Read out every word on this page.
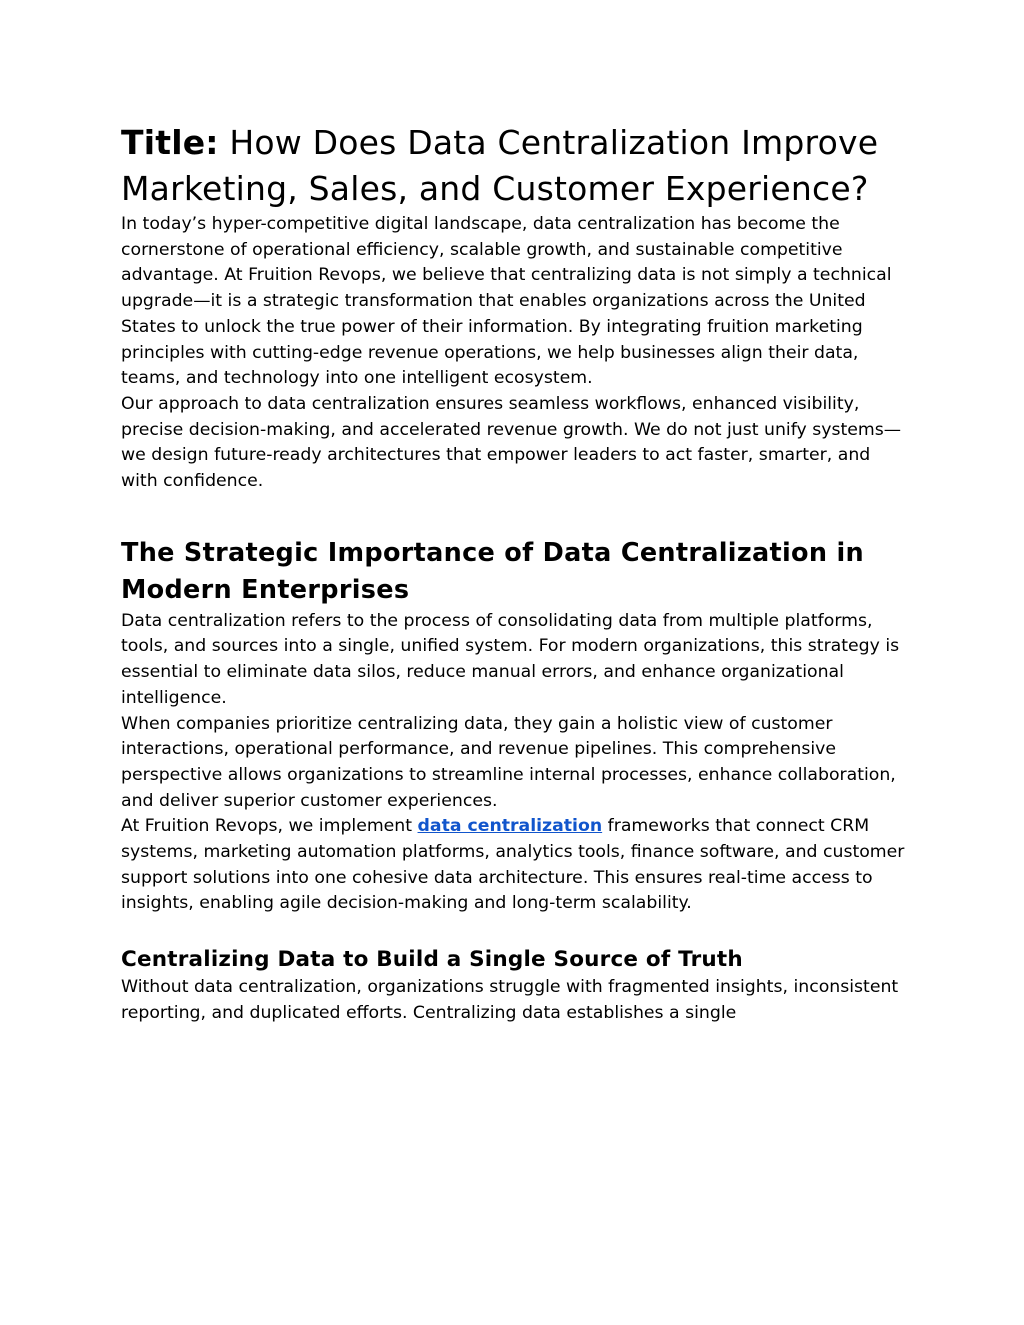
Title: How Does Data Centralization Improve Marketing, Sales, and Customer Experience?

In today’s hyper-competitive digital landscape, data centralization has become the cornerstone of operational efficiency, scalable growth, and sustainable competitive advantage. At Fruition Revops, we believe that centralizing data is not simply a technical upgrade—it is a strategic transformation that enables organizations across the United States to unlock the true power of their information. By integrating fruition marketing principles with cutting-edge revenue operations, we help businesses align their data, teams, and technology into one intelligent ecosystem.

Our approach to data centralization ensures seamless workflows, enhanced visibility, precise decision-making, and accelerated revenue growth. We do not just unify systems—we design future-ready architectures that empower leaders to act faster, smarter, and with confidence.

The Strategic Importance of Data Centralization in Modern Enterprises

Data centralization refers to the process of consolidating data from multiple platforms, tools, and sources into a single, unified system. For modern organizations, this strategy is essential to eliminate data silos, reduce manual errors, and enhance organizational intelligence.

When companies prioritize centralizing data, they gain a holistic view of customer interactions, operational performance, and revenue pipelines. This comprehensive perspective allows organizations to streamline internal processes, enhance collaboration, and deliver superior customer experiences.

At Fruition Revops, we implement data centralization frameworks that connect CRM systems, marketing automation platforms, analytics tools, finance software, and customer support solutions into one cohesive data architecture. This ensures real-time access to insights, enabling agile decision-making and long-term scalability.

Centralizing Data to Build a Single Source of Truth

Without data centralization, organizations struggle with fragmented insights, inconsistent reporting, and duplicated efforts. Centralizing data establishes a single
